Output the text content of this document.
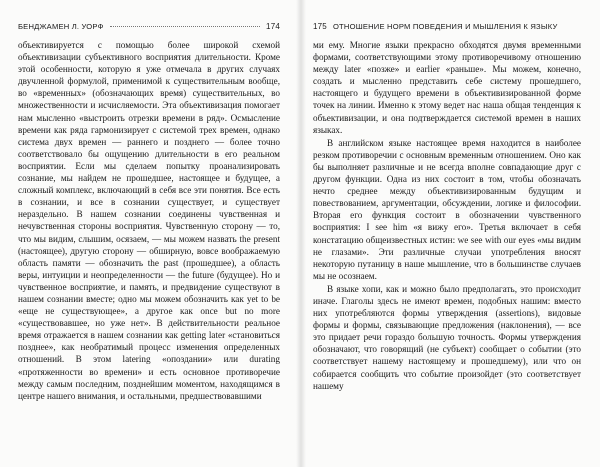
БЕНДЖАМЕН Л. УОРФ	174

объективируется с помощью более широкой схемой объективизации субъективного восприятия длительности. Кроме этой особенности, которую я уже отмечала в других случаях двучленной формулой, применимой к существительным вообще, во «временных» (обозначающих время) существительных, во множественности и исчисляемости. Эта объективизация помогает нам мысленно «выстроить отрезки времени в ряд». Осмысление времени как ряда гармонизирует с системой трех времен, однако система двух времен — раннего и позднего — более точно соответствовало бы ощущению длительности в его реальном восприятии. Если мы сделаем попытку проанализировать сознание, мы найдем не прошедшее, настоящее и будущее, а сложный комплекс, включающий в себя все эти понятия. Все есть в сознании, и все в сознании существует, и существует нераздельно. В нашем сознании соединены чувственная и нечувственная стороны восприятия. Чувственную сторону — то, что мы видим, слышим, осязаем, — мы можем назвать the present (настоящее), другую сторону — обширную, вовсе воображаемую область памяти — обозначить the past (прошедшее), а область веры, интуиции и неопределенности — the future (будущее). Но и чувственное восприятие, и память, и предвидение существуют в нашем сознании вместе; одно мы можем обозначить как yet to be «еще не существующее», а другое как once but no more «существовавшее, но уже нет». В действительности реальное время отражается в нашем сознании как getting later «становиться позднее», как необратимый процесс изменения определенных отношений. В этом latering «опоздании» или durating «протяженности во времени» и есть основное противоречие между самым последним, позднейшим моментом, находящимся в центре нашего внимания, и остальными, предшествовавшими

175 ОТНОШЕНИЕ НОРМ ПОВЕДЕНИЯ И МЫШЛЕНИЯ К ЯЗЫКУ

ми ему. Многие языки прекрасно обходятся двумя временными формами, соответствующими этому противоречивому отношению между later «позже» и earlier «раньше». Мы можем, конечно, создать и мысленно представить себе систему прошедшего, настоящего и будущего времени в объективизированной форме точек на линии. Именно к этому ведет нас наша общая тенденция к объективизации, и она подтверждается системой времен в наших языках.

В английском языке настоящее время находится в наиболее резком противоречии с основным временным отношением. Оно как бы выполняет различные и не всегда вполне совпадающие друг с другом функции. Одна из них состоит в том, чтобы обозначать нечто среднее между объективизированным будущим и повествованием, аргументации, обсуждении, логике и философии. Вторая его функция состоит в обозначении чувственного восприятия: I see him «я вижу его». Третья включает в себя констатацию общеизвестных истин: we see with our eyes «мы видим не глазами». Эти различные случаи употребления вносят некоторую путаницу в наше мышление, что в большинстве случаев мы не осознаем.

В языке хопи, как и можно было предполагать, это происходит иначе. Глаголы здесь не имеют времен, подобных нашим: вместо них употребляются формы утверждения (assertions), видовые формы и формы, связывающие предложения (наклонения), — все это придает речи гораздо большую точность. Формы утверждения обозначают, что говорящий (не субъект) сообщает о событии (это соответствует нашему настоящему и прошедшему), или что он собирается сообщить что событие произойдет (это соответствует нашему
